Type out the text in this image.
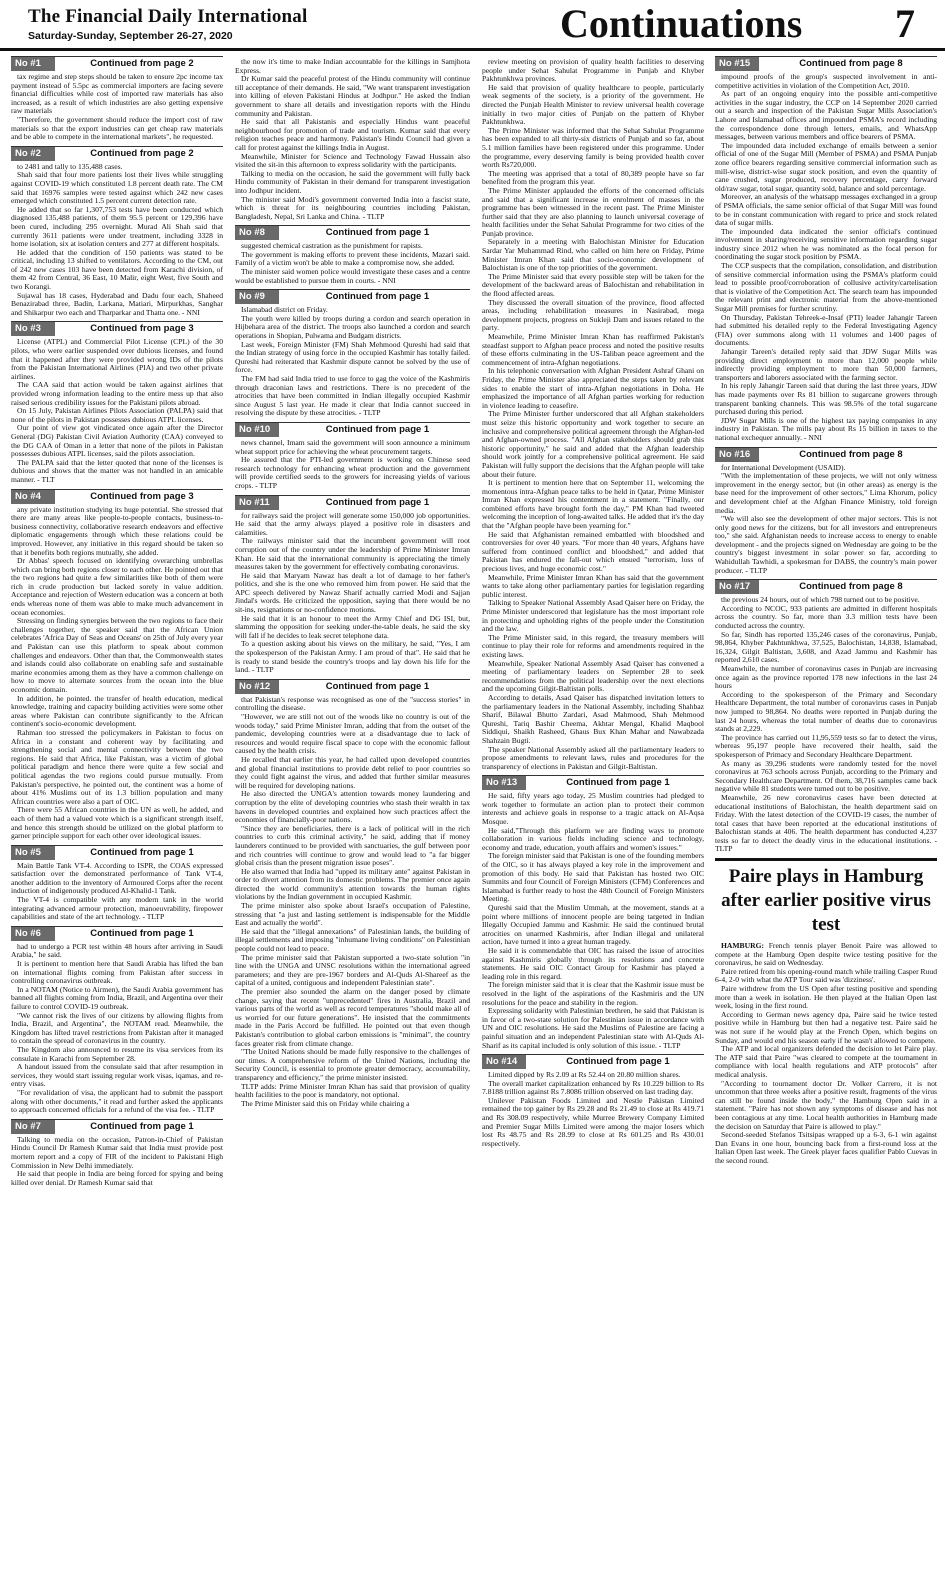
The Financial Daily International
Saturday-Sunday, September 26-27, 2020	Continuations 7
No #1	Continued from page 2

tax regime and step steps should be taken to ensure 2pc income tax payment instead of 5.5pc as commercial importers are facing severe financial difficulties while cost of imported raw materials has also increased, as a result of which industries are also getting expensive raw materials

"Therefore, the government should reduce the import cost of raw materials so that the export industries can get cheap raw materials and be able to compete in the international markets", he requested.

No #2	Continued from page 2

to 2481 and tally to 135,488 cases.

Shah said that four more patients lost their lives while struggling against COVID-19 which constituted 1.8 percent death rate. The CM said that 16976 samples were tested against which 242 new cases emerged which constituted 1.5 percent current detection rate.

He added that so far 1,307,753 tests have been conducted which diagnosed 135,488 patients, of them 95.5 percent or 129,396 have been cured, including 295 overnight. Murad Ali Shah said that currently 3611 patients were under treatment, including 3328 in home isolation, six at isolation centers and 277 at different hospitals.

He added that the condition of 150 patients was stated to be critical, including 13 shifted to ventilators. According to the CM, out of 242 new cases 103 have been detected from Karachi division, of them 42 from Central, 36 East, 10 Malir, eight West, five South and two Korangi.

Sujawal has 18 cases, Hyderabad and Dadu four each, Shaheed Benazirabad three, Badin, Larkana, Matiari, Mirpurkhas, Sanghar and Shikarpur two each and Tharparkar and Thatta one. - NNI

No #3	Continued from page 3

License (ATPL) and Commercial Pilot License (CPL) of the 30 pilots, who were earlier suspended over dubious licenses, and found that it happened after they were provided wrong IDs of the pilots from the Pakistan International Airlines (PIA) and two other private airlines.

The CAA said that action would be taken against airlines that provided wrong information leading to the entire mess up that also raised serious credibility issues for the Pakistani pilots abroad.

On 15 July, Pakistan Airlines Pilots Association (PALPA) said that none of the pilots in Pakistan possesses dubious ATPL licenses.

Our point of view got vindicated once again after the Director General (DG) Pakistan Civil Aviation Authority (CAA) conveyed to the DG CAA of Oman in a letter that none of the pilots in Pakistan possesses dubious ATPL licenses, said the pilots association.

The PALPA said that the letter quoted that none of the licenses is dubious and shows that the matter was not handled in an amicable manner. - TLT

No #4	Continued from page 3

any private institution studying its huge potential. She stressed that there are many areas like people-to-people contacts, business-to-business connectivity, collaborative research endeavors and effective diplomatic engagements through which these relations could be improved. However, any initiative in this regard should be taken so that it benefits both regions mutually, she added.

Dr Abbas' speech focused on identifying overarching umbrellas which can bring both regions closer to each other. He pointed out that the two regions had quite a few similarities like both of them were rich in crude production but lacked sorely in value addition. Acceptance and rejection of Western education was a concern at both ends whereas none of them was able to make much advancement in ocean economies.

Stressing on finding synergies between the two regions to face their challenges together, the speaker said that the African Union celebrates 'Africa Day of Seas and Oceans' on 25th of July every year and Pakistan can use this platform to speak about common challenges and endeavors. Other than that, the Commonwealth states and islands could also collaborate on enabling safe and sustainable marine economies among them as they have a common challenge on how to move to alternate sources from the ocean into the blue economic domain.

In addition, he pointed. the transfer of health education, medical knowledge, training and capacity building activities were some other areas where Pakistan can contribute significantly to the African continent's socio-economic development.

Rahman too stressed the policymakers in Pakistan to focus on Africa in a constant and coherent way by facilitating and strengthening social and mental connectivity between the two regions. He said that Africa, like Pakistan, was a victim of global political paradigm and hence there were quite a few social and political agendas the two regions could pursue mutually. From Pakistan's perspective, he pointed out, the continent was a home of about 41% Muslims out of its 1.3 billion population and many African countries were also a part of OIC.

There were 55 African countries in the UN as well, he added, and each of them had a valued vote which is a significant strength itself, and hence this strength should be utilized on the global platform to garner principle support for each other over ideological issues.

No #5	Continued from page 1

Main Battle Tank VT-4. According to ISPR, the COAS expressed satisfaction over the demonstrated performance of Tank VT-4, another addition to the inventory of Armoured Corps after the recent induction of indigenously produced Al-Khalid-1 Tank.

The VT-4 is compatible with any modern tank in the world integrating advanced armour protection, manoeuvrability, firepower capabilities and state of the art technology. - TLTP

No #6	Continued from page 1

had to undergo a PCR test within 48 hours after arriving in Saudi Arabia," he said.

It is pertinent to mention here that Saudi Arabia has lifted the ban on international flights coming from Pakistan after success in controlling coronavirus outbreak.

In a NOTAM (Notice to Airmen), the Saudi Arabia government has banned all flights coming from India, Brazil, and Argentina over their failure to control COVID-19 outbreak.

"We cannot risk the lives of our citizens by allowing flights from India, Brazil, and Argentina", the NOTAM read. Meanwhile, the Kingdom has lifted travel restrictions from Pakistan after it managed to contain the spread of coronavirus in the country.

The Kingdom also announced to resume its visa services from its consulate in Karachi from September 28.

A handout issued from the consulate said that after resumption in services, they would start issuing regular work visas, iqamas, and re-entry visas.

"For revalidation of visa, the applicant had to submit the passport along with other documents," it read and further asked the applicants to approach concerned officials for a refund of the visa fee. - TLTP

No #7	Continued from page 1

Talking to media on the occasion, Patron-in-Chief of Pakistan Hindu Council Dr Ramesh Kumar said that India must provide post mortem report and a copy of FIR of the incident to Pakistani High Commission in New Delhi immediately.

He said that people in India are being forced for spying and being killed over denial. Dr Ramesh Kumar said that

the now it's time to make Indian accountable for the killings in Samjhota Express.

Dr Kumar said the peaceful protest of the Hindu community will continue till acceptance of their demands. He said, "We want transparent investigation into killing of eleven Pakistani Hindus at Jodhpur." He asked the Indian government to share all details and investigation reports with the Hindu community and Pakistan.

He said that all Pakistanis and especially Hindus want peaceful neighbourhood for promotion of trade and tourism. Kumar said that every religion teaches peace and harmony. Pakistan's Hindu Council had given a call for protest against the killings India in August.

Meanwhile, Minister for Science and Technology Fawad Hussain also visited the sit-in this afternoon to express solidarity with the participants.

Talking to media on the occasion, he said the government will fully back Hindu community of Pakistan in their demand for transparent investigation into Jodhpur incident.

The minister said Modi's government converted India into a fascist state, which is threat for its neighbouring countries including Pakistan, Bangladesh, Nepal, Sri Lanka and China. - TLTP

No #8	Continued from page 1

suggested chemical castration as the punishment for rapists.

The government is making efforts to prevent these incidents, Mazari said. Family of a victim won't be able to make a compromise now, she added.

The minister said women police would investigate these cases and a centre would be established to pursue them in courts. - NNI

No #9	Continued from page 1

Islamabad district on Friday.

The youth were killed by troops during a cordon and search operation in Hijbehara area of the district. The troops also launched a cordon and search operations in Shopian, Pulwama and Budgam districts.

Last week, Foreign Minister (FM) Shah Mehmood Qureshi had said that the Indian strategy of using force in the occupied Kashmir has totally failed. Qureshi had reiterated that Kashmir dispute cannot be solved by the use of force.

The FM had said India tried to use force to gag the voice of the Kashmiris through draconian laws and restrictions. There is no precedent of the atrocities that have been committed in Indian illegally occupied Kashmir since August 5 last year. He made it clear that India cannot succeed in resolving the dispute by these atrocities. - TLTP

No #10	Continued from page 1

news channel, Imam said the government will soon announce a minimum wheat support price for achieving the wheat procurement targets.

He assured that the PTI-led government is working on Chinese seed research technology for enhancing wheat production and the government will provide certified seeds to the growers for increasing yields of various crops. - TLTP

No #11	Continued from page 1

for railways said the project will generate some 150,000 job opportunities. He said that the army always played a positive role in disasters and calamities.

The railways minister said that the incumbent government will root corruption out of the country under the leadership of Prime Minister Imran Khan. He said that the international community is appreciating the timely measures taken by the government for effectively combating coronavirus.

He said that Maryam Nawaz has dealt a lot of damage to her father's politics, and she is the one who removed him from power. He said that the APC speech delivered by Nawaz Sharif actually carried Modi and Sajjan Jindal's words. He criticized the opposition, saying that there would be no sit-ins, resignations or no-confidence motions.

He said that it is an honour to meet the Army Chief and DG ISI, but, slamming the opposition for seeking under-the-table deals, he said the sky will fall if he decides to leak secret telephone data.

To a question asking about his views on the military, he said, "Yes, I am the spokesperson of the Pakistan Army. I am proud of that". He said that he is ready to stand beside the country's troops and lay down his life for the land. - TLTP

No #12	Continued from page 1

that Pakistan's response was recognised as one of the "success stories" in controlling the disease.

"However, we are still not out of the woods like no country is out of the woods today," said Prime Minister Imran, adding that from the outset of the pandemic, developing countries were at a disadvantage due to lack of resources and would require fiscal space to cope with the economic fallout caused by the health crisis.

He recalled that earlier this year, he had called upon developed countries and global financial institutions to provide debt relief to poor countries so they could fight against the virus, and added that further similar measures will be required for developing nations.

He also directed the UNGA's attention towards money laundering and corruption by the elite of developing countries who stash their wealth in tax havens in developed countries and explained how such practices affect the economies of financially-poor nations.

"Since they are beneficiaries, there is a lack of political will in the rich countries to curb this criminal activity," he said, adding that if money launderers continued to be provided with sanctuaries, the gulf between poor and rich countries will continue to grow and would lead to "a far bigger global crisis than the present migration issue poses".

He also warned that India had "upped its military ante" against Pakistan in order to divert attention from its domestic problems. The premier once again directed the world community's attention towards the human rights violations by the Indian government in occupied Kashmir.

The prime minister also spoke about Israel's occupation of Palestine, stressing that "a just and lasting settlement is indispensable for the Middle East and actually the world".

He said that the "illegal annexations" of Palestinian lands, the building of illegal settlements and imposing "inhumane living conditions" on Palestinian people could not lead to peace.

The prime minister said that Pakistan supported a two-state solution "in line with the UNGA and UNSC resolutions within the international agreed parameters; and they are pre-1967 borders and Al-Quds Al-Shareef as the capital of a united, contiguous and independent Palestinian state".

The premier also sounded the alarm on the danger posed by climate change, saying that recent "unprecedented" fires in Australia, Brazil and various parts of the world as well as record temperatures "should make all of us worried for our future generations". He insisted that the commitments made in the Paris Accord be fulfilled. He pointed out that even though Pakistan's contribution to global carbon emissions is "minimal", the country faces greater risk from climate change.

"The United Nations should be made fully responsive to the challenges of our times. A comprehensive reform of the United Nations, including the Security Council, is essential to promote greater democracy, accountability, transparency and efficiency," the prime minister insisted.

TLTP adds: Prime Minister Imran Khan has said that provision of quality health facilities to the poor is mandatory, not optional.

The Prime Minister said this on Friday while chairing a

review meeting on provision of quality health facilities to deserving people under Sehat Sahulat Programme in Punjab and Khyber Pakhtunkhwa provinces.

He said that provision of quality healthcare to people, particularly weak segments of the society, is a priority of the government. He directed the Punjab Health Minister to review universal health coverage initially in two major cities of Punjab on the pattern of Khyber Pakhtunkhwa.

The Prime Minister was informed that the Sehat Sahulat Programme has been expanded to all thirty-six districts of Punjab and so far, about 5.1 million families have been registered under this programme. Under the programme, every deserving family is being provided health cover worth Rs720,000.

The meeting was apprised that a total of 80,389 people have so far benefited from the program this year.

The Prime Minister applauded the efforts of the concerned officials and said that a significant increase in enrolment of masses in the programme has been witnessed in the recent past. The Prime Minister further said that they are also planning to launch universal coverage of health facilities under the Sehat Sahulat Programme for two cities of the Punjab province.

Separately in a meeting with Balochistan Minister for Education Sardar Yar Muhammad Rind, who called on him here on Friday, Prime Minister Imran Khan said that socio-economic development of Balochistan is one of the top priorities of the government.

The Prime Minister said that every possible step will be taken for the development of the backward areas of Balochistan and rehabilitation in the flood affected areas.

They discussed the overall situation of the province, flood affected areas, including rehabilitation measures in Nasirabad, mega development projects, progress on Sukleji Dam and issues related to the party.

Meanwhile, Prime Minister Imran Khan has reaffirmed Pakistan's steadfast support to Afghan peace process and noted the positive results of these efforts culminating in the US-Taliban peace agreement and the commencement of intra-Afghan negotiations.

In his telephonic conversation with Afghan President Ashraf Ghani on Friday, the Prime Minister also appreciated the steps taken by relevant sides to enable the start of intra-Afghan negotiations in Doha. He emphasized the importance of all Afghan parties working for reduction in violence leading to ceasefire.

The Prime Minister further underscored that all Afghan stakeholders must seize this historic opportunity and work together to secure an inclusive and comprehensive political agreement through the Afghan-led and Afghan-owned process. "All Afghan stakeholders should grab this historic opportunity," he said and added that the Afghan leadership should work jointly for a comprehensive political agreement. He said Pakistan will fully support the decisions that the Afghan people will take about their future.

It is pertinent to mention here that on September 11, welcoming the momentous intra-Afghan peace talks to be held in Qatar, Prime Minister Imran Khan expressed his contentment in a statement. "Finally, our combined efforts have brought forth the day," PM Khan had tweeted welcoming the inception of long-awaited talks. He added that it's the day that the "Afghan people have been yearning for."

He said that Afghanistan remained embattled with bloodshed and controversies for over 40 years. "For more than 40 years, Afghans have suffered from continued conflict and bloodshed," and added that Pakistan has endured the fall-out which ensued "terrorism, loss of precious lives, and huge economic cost."

Meanwhile, Prime Minister Imran Khan has said that the government wants to take along other parliamentary parties for legislation regarding public interest.

Talking to Speaker National Assembly Asad Qaiser here on Friday, the Prime Minister underscored that legislature has the most important role in protecting and upholding rights of the people under the Constitution and the law.

The Prime Minister said, in this regard, the treasury members will continue to play their role for reforms and amendments required in the existing laws.

Meanwhile, Speaker National Assembly Asad Qaiser has convened a meeting of parliamentary leaders on September 28 to seek recommendations from the political leadership over the next elections and the upcoming Gilgit-Baltistan polls.

According to details, Asad Qaiser has dispatched invitation letters to the parliamentary leaders in the National Assembly, including Shahbaz Sharif, Bilawal Bhutto Zardari, Asad Mahmood, Shah Mehmood Qureshi, Tariq Bashir Cheema, Akhtar Mengal, Khalid Maqbool Siddiqui, Shaikh Rasheed, Ghaus Bux Khan Mahar and Nawabzada Shahzain Bugti.

The speaker National Assembly asked all the parliamentary leaders to propose amendments to relevant laws, rules and procedures for the transparency of elections in Pakistan and Gilgit-Baltistan.

No #13	Continued from page 1

He said, fifty years ago today, 25 Muslim countries had pledged to work together to formulate an action plan to protect their common interests and achieve goals in response to a tragic attack on Al-Aqsa Mosque.

He said,"Through this platform we are finding ways to promote collaboration in various fields including science and technology, economy and trade, education, youth affairs and women's issues."

The foreign minister said that Pakistan is one of the founding members of the OIC, so it has always played a key role in the improvement and promotion of this body. He said that Pakistan has hosted two OIC Summits and four Council of Foreign Ministers (CFM) Conferences and Islamabad is further ready to host the 48th Council of Foreign Ministers Meeting.

Qureshi said that the Muslim Ummah, at the movement, stands at a point where millions of innocent people are being targeted in Indian Illegally Occupied Jammu and Kashmir. He said the continued brutal atrocities on unarmed Kashmiris, after Indian illegal and unilateral action, have turned it into a great human tragedy.

He said it is commendable that OIC has raised the issue of atrocities against Kashmiris globally through its resolutions and concrete statements. He said OIC Contact Group for Kashmir has played a leading role in this regard.

The foreign minister said that it is clear that the Kashmir issue must be resolved in the light of the aspirations of the Kashmiris and the UN resolutions for the peace and stability in the region.

Expressing solidarity with Palestinian brethren, he said that Pakistan is in favor of a two-state solution for Palestinian issue in accordance with UN and OIC resolutions. He said the Muslims of Palestine are facing a painful situation and an independent Palestinian state with Al-Quds Al-Sharif as its capital included is only solution of this issue. - TLTP

No #14	Continued from page 1

Limited dipped by Rs 2.09 at Rs 52.44 on 20.80 million shares.

The overall market capitalization enhanced by Rs 10.229 billion to Rs 7.8188 trillion against Rs 7.8086 trillion observed on last trading day.

Unilever Pakistan Foods Limited and Nestle Pakistan Limited remained the top gainer by Rs 29.28 and Rs 21.49 to close at Rs 419.71 and Rs 308.09 respectively, while Murree Brewery Company Limited and Premier Sugar Mills Limited were among the major losers which lost Rs 48.75 and Rs 28.99 to close at Rs 601.25 and Rs 430.01 respectively.

No #15	Continued from page 8

impound proofs of the group's suspected involvement in anti-competitive activities in violation of the Competition Act, 2010.

As part of an ongoing enquiry into the possible anti-competitive activities in the sugar industry, the CCP on 14 September 2020 carried out a search and inspection of the Pakistan Sugar Mills Association's Lahore and Islamabad offices and impounded PSMA's record including the correspondence done through letters, emails, and WhatsApp messages, between various members and office bearers of PSMA.

The impounded data included exchange of emails between a senior official of one of the Sugar Mill (Member of PSMA) and PSMA Punjab zone office bearers regarding sensitive commercial information such as mill-wise, district-wise sugar stock position, and even the quantity of cane crushed, sugar produced, recovery percentage, carry forward old/raw sugar, total sugar, quantity sold, balance and sold percentage.

Moreover, an analysis of the whatsapp messages exchanged in a group of PSMA officials, the same senior official of that Sugar Mill was found to be in constant communication with regard to price and stock related data of sugar mills.

The impounded data indicated the senior official's continued involvement in sharing/receiving sensitive information regarding sugar industry since 2012 when he was nominated as the focal person for coordinating the sugar stock position by PSMA.

The CCP suspects that the compilation, consolidation, and distribution of sensitive commercial information using the PSMA's platform could lead to possible proof/corroboration of collusive activity/cartelisation that is violative of the Competition Act. The search team has impounded the relevant print and electronic material from the above-mentioned Sugar Mill premises for further scrutiny.

On Thursday, Pakistan Tehreek-e-Insaf (PTI) leader Jahangir Tareen had submitted his detailed reply to the Federal Investigating Agency (FIA) over summons along with 11 volumes and 1400 pages of documents.

Jahangir Tareen's detailed reply said that JDW Sugar Mills was providing direct employment to more than 12,000 people while indirectly providing employment to more than 50,000 farmers, transporters and laborers associated with the farming sector.

In his reply Jahangir Tareen said that during the last three years, JDW has made payments over Rs 81 billion to sugarcane growers through transparent banking channels. This was 98.5% of the total sugarcane purchased during this period.

JDW Sugar Mills is one of the highest tax paying companies in any industry in Pakistan. The mills pay about Rs 15 billion in taxes to the national exchequer annually. - NNI

No #16	Continued from page 8

for International Development (USAID).

"With the implementation of these projects, we will not only witness improvement in the energy sector, but (in other areas) as energy is the base need for the improvement of other sectors," Lima Khorum, policy and development chief at the Afghan Finance Ministry, told foreign media.

"We will also see the development of other major sectors. This is not only good news for the citizens, but for all investors and entrepreneurs too," she said. Afghanistan needs to increase access to energy to enable development - and the projects signed on Wednesday are going to be the country's biggest investment in solar power so far, according to Wahidullah Tawhidi, a spokesman for DABS, the country's main power producer. - TLTP

No #17	Continued from page 8

the previous 24 hours, out of which 798 turned out to be positive.

According to NCOC, 933 patients are admitted in different hospitals across the country. So far, more than 3.3 million tests have been conducted across the country.

So far, Sindh has reported 135,246 cases of the coronavirus, Punjab, 98,864, Khyber Pakhtunkhwa, 37,525, Balochistan, 14,838, Islamabad, 16,324, Gilgit Baltistan, 3,608, and Azad Jammu and Kashmir has reported 2,610 cases.

Meanwhile, the number of coronavirus cases in Punjab are increasing once again as the province reported 178 new infections in the last 24 hours

According to the spokesperson of the Primary and Secondary Healthcare Department, the total number of coronavirus cases in Punjab now jumped to 98,864. No deaths were reported in Punjab during the last 24 hours, whereas the total number of deaths due to coronavirus stands at 2,229.

The province has carried out 11,95,559 tests so far to detect the virus, whereas 95,197 people have recovered their health, said the spokesperson of Primacy and Secondary Healthcare Department.

As many as 39,296 students were randomly tested for the novel coronavirus at 763 schools across Punjab, according to the Primary and Secondary Healthcare Department. Of them, 38,716 samples came back negative while 81 students were turned out to be positive.

Meanwhile, 26 new coronavirus cases have been detected at educational institutions of Balochistan, the health department said on Friday. With the latest detection of the COVID-19 cases, the number of total cases that have been reported at the educational institutions of Balochistan stands at 406. The health department has conducted 4,237 tests so far to detect the deadly virus in the educational institutions. - TLTP

Paire plays in Hamburg after earlier positive virus test

HAMBURG: French tennis player Benoit Paire was allowed to compete at the Hamburg Open despite twice testing positive for the coronavirus, he said on Wednesday.

Paire retired from his opening-round match while trailing Casper Ruud 6-4, 2-0 with what the ATP Tour said was 'dizziness'.

Paire withdrew from the US Open after testing positive and spending more than a week in isolation. He then played at the Italian Open last week, losing in the first round.

According to German news agency dpa, Paire said he twice tested positive while in Hamburg but then had a negative test. Paire said he was not sure if he would play at the French Open, which begins on Sunday, and would end his season early if he wasn't allowed to compete.

The ATP and local organizers defended the decision to let Paire play. The ATP said that Paire "was cleared to compete at the tournament in compliance with local health regulations and ATP protocols" after medical analysis.

"According to tournament doctor Dr. Volker Carrero, it is not uncommon that three weeks after a positive result, fragments of the virus can still be found inside the body," the Hamburg Open said in a statement. "Paire has not shown any symptoms of disease and has not been contagious at any time. Local health authorities in Hamburg made the decision on Saturday that Paire is allowed to play."

Second-seeded Stefanos Tsitsipas wrapped up a 6-3, 6-1 win against Dan Evans in one hour, bouncing back from a first-round loss at the Italian Open last week. The Greek player faces qualifier Pablo Cuevas in the second round.
